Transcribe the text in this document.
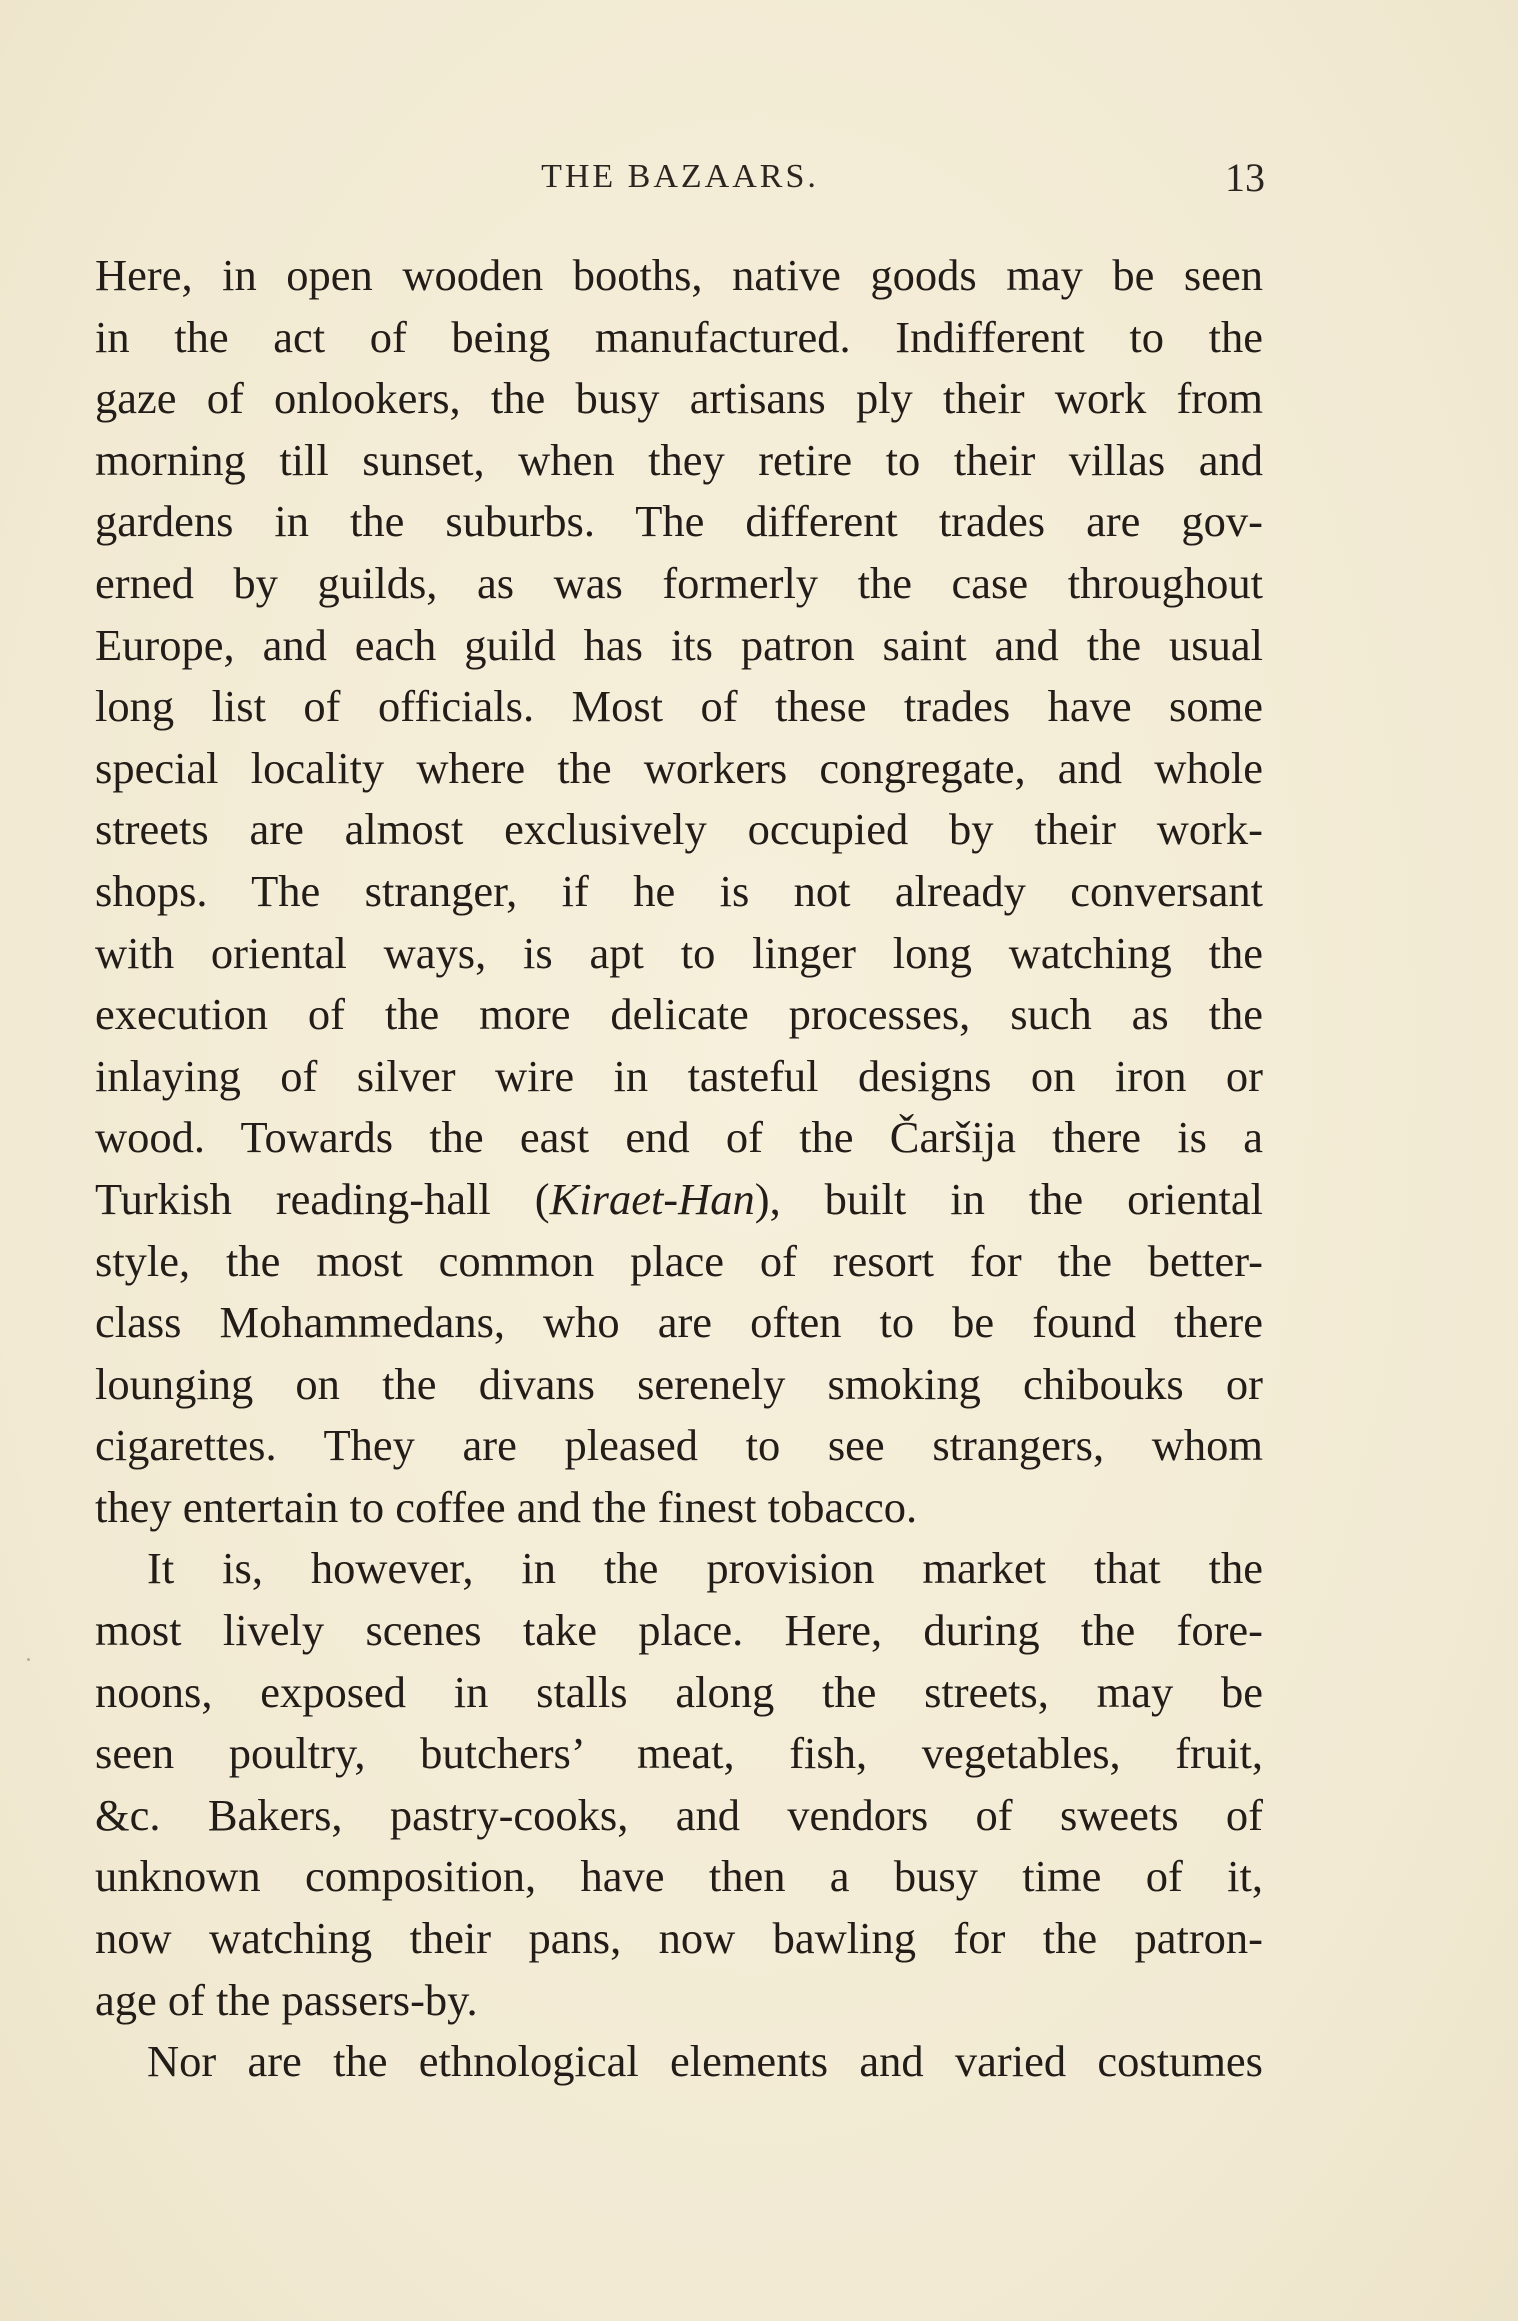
THE BAZAARS.	13
Here, in open wooden booths, native goods may be seen
in the act of being manufactured. Indifferent to the
gaze of onlookers, the busy artisans ply their work from
morning till sunset, when they retire to their villas and
gardens in the suburbs. The different trades are gov-
erned by guilds, as was formerly the case throughout
Europe, and each guild has its patron saint and the usual
long list of officials. Most of these trades have some
special locality where the workers congregate, and whole
streets are almost exclusively occupied by their work-
shops. The stranger, if he is not already conversant
with oriental ways, is apt to linger long watching the
execution of the more delicate processes, such as the
inlaying of silver wire in tasteful designs on iron or
wood. Towards the east end of the Čaršija there is a
Turkish reading-hall (Kiraet-Han), built in the oriental
style, the most common place of resort for the better-
class Mohammedans, who are often to be found there
lounging on the divans serenely smoking chibouks or
cigarettes. They are pleased to see strangers, whom
they entertain to coffee and the finest tobacco.
It is, however, in the provision market that the
most lively scenes take place. Here, during the fore-
noons, exposed in stalls along the streets, may be
seen poultry, butchers’ meat, fish, vegetables, fruit,
&c. Bakers, pastry-cooks, and vendors of sweets of
unknown composition, have then a busy time of it,
now watching their pans, now bawling for the patron-
age of the passers-by.
Nor are the ethnological elements and varied costumes
